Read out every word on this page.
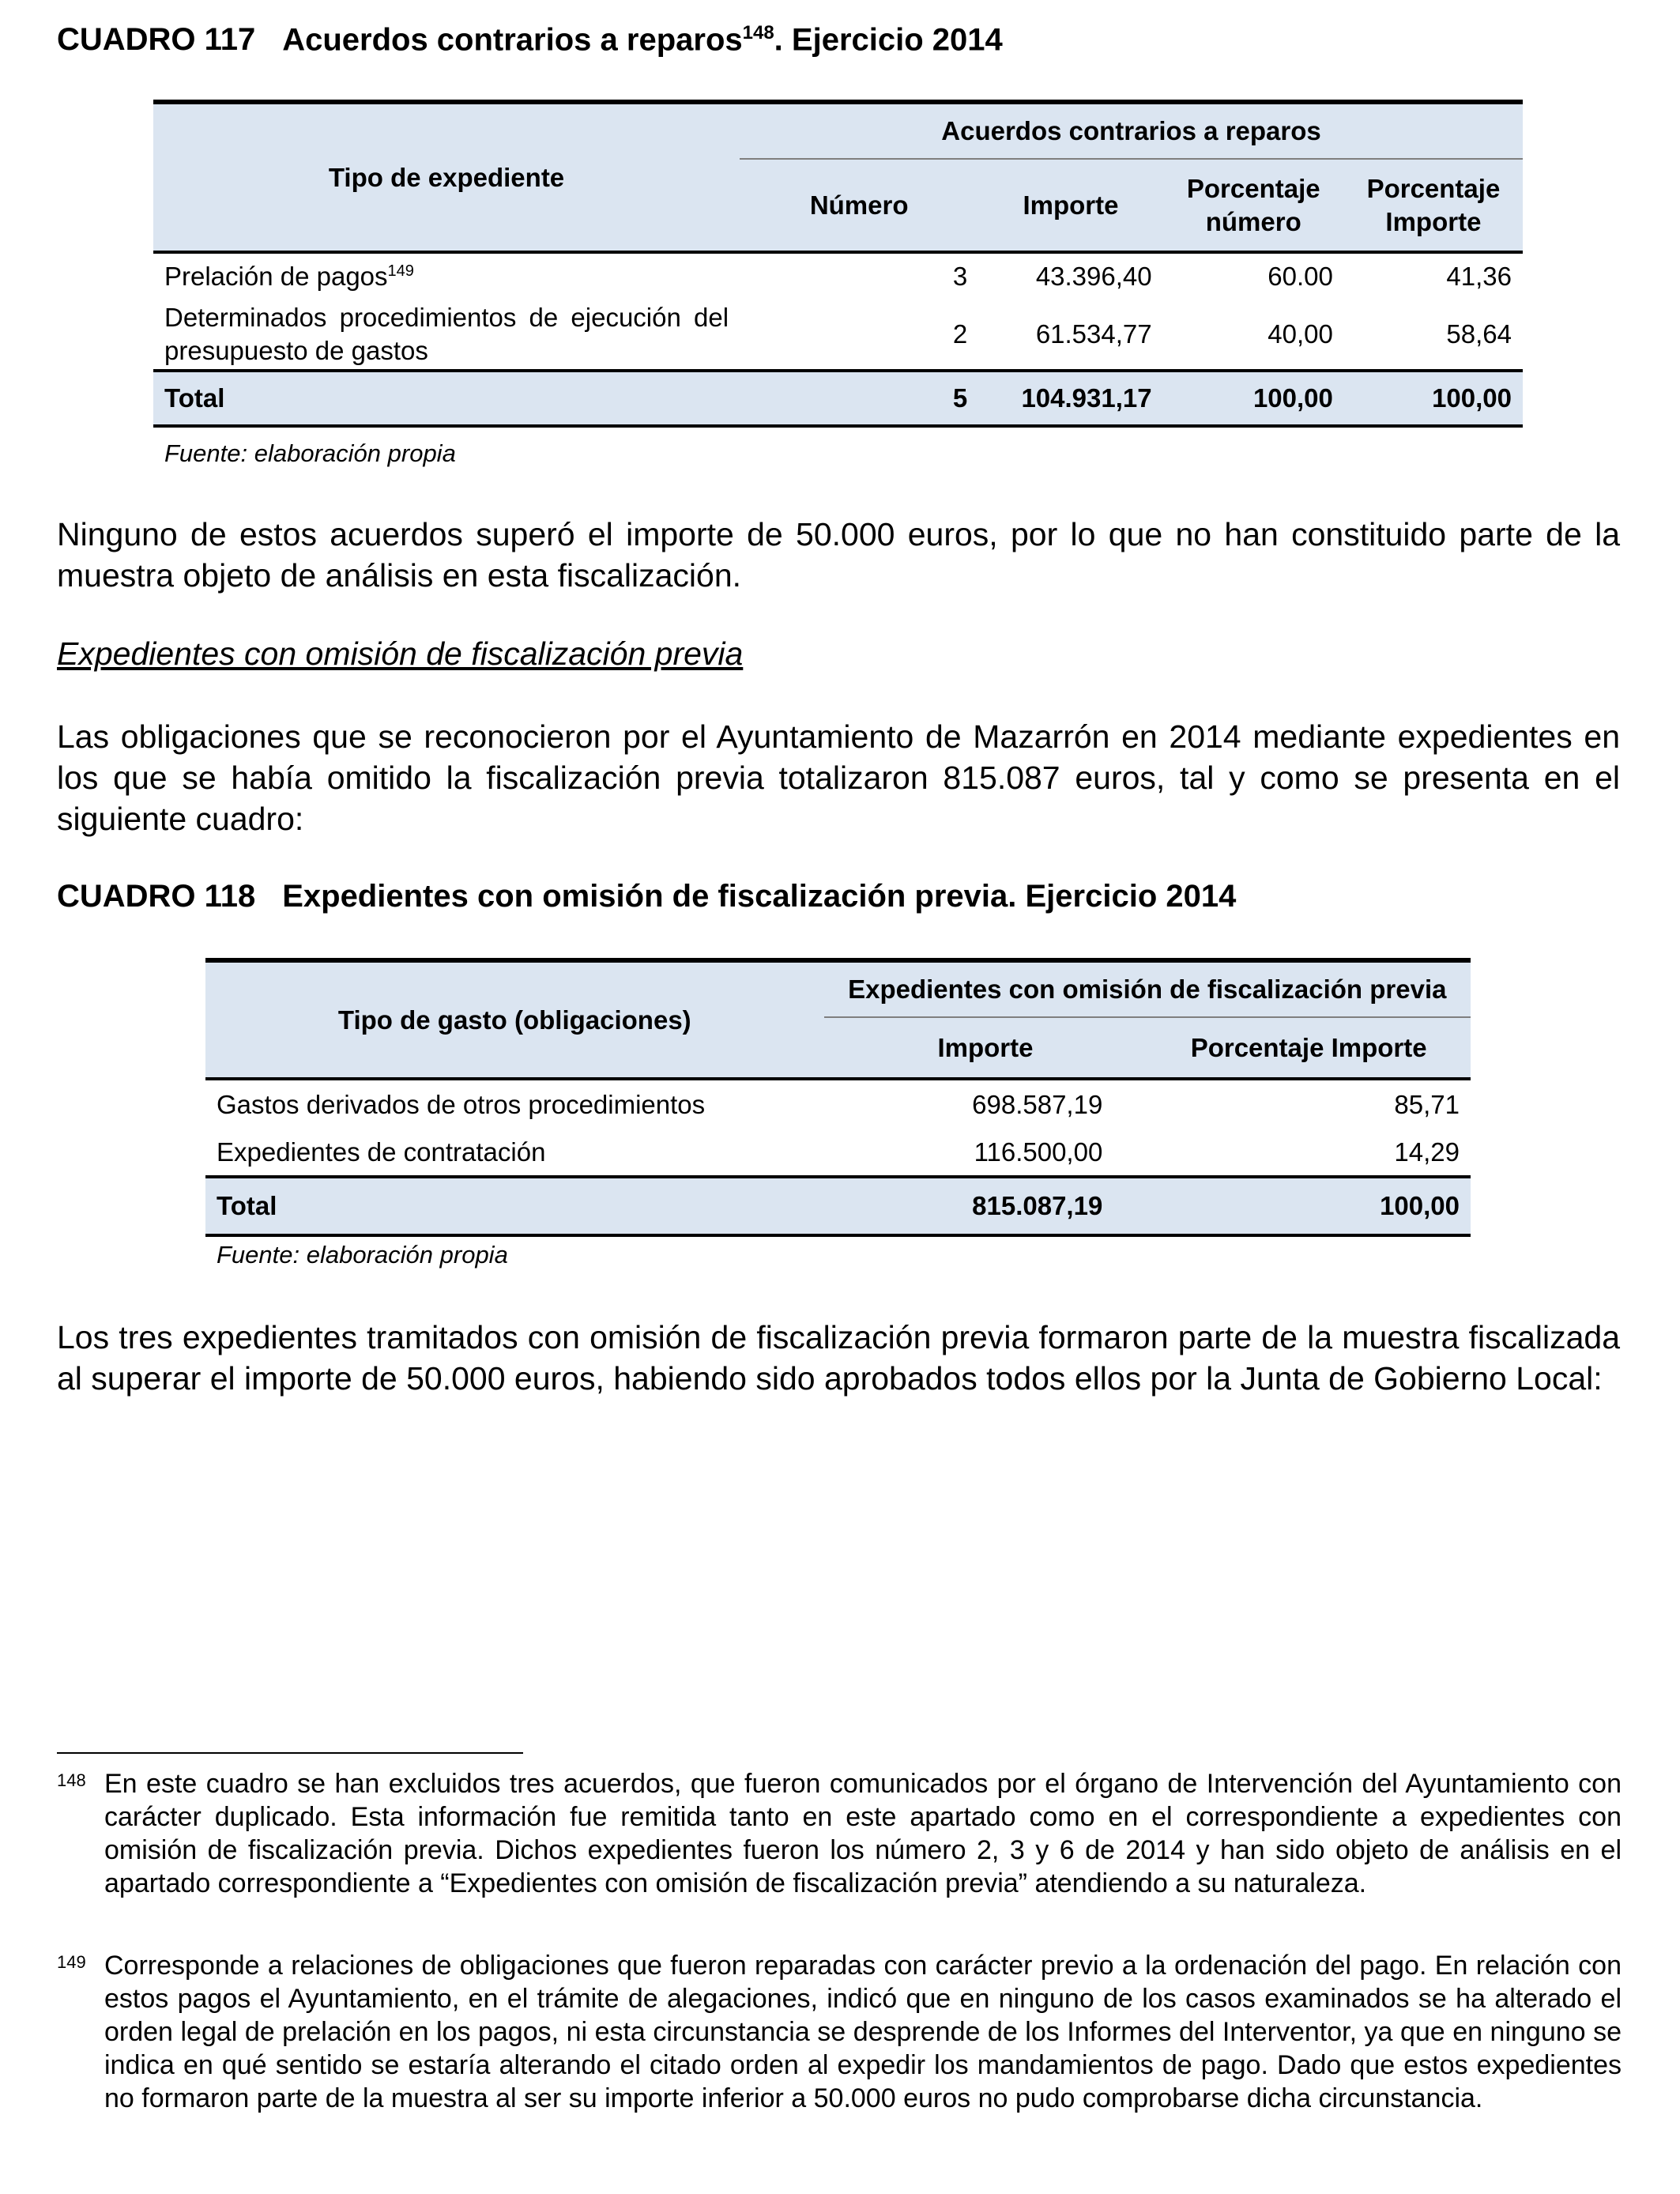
CUADRO 117 Acuerdos contrarios a reparos$^{148}$. Ejercicio 2014
Tipo de expediente	Acuerdos contrarios a reparos			
	Número	Importe	Porcentaje número	Porcentaje Importe
Prelación de pagos$^{149}$	3	43.396,40	60.00	41,36
Determinados procedimientos de ejecución del presupuesto de gastos	2	61.534,77	40,00	58,64
Total	5	104.931,17	100,00	100,00
Fuente: elaboración propia
Ninguno de estos acuerdos superó el importe de 50.000 euros, por lo que no han constituido parte de la muestra objeto de análisis en esta fiscalización.
Expedientes con omisión de fiscalización previa
Las obligaciones que se reconocieron por el Ayuntamiento de Mazarrón en 2014 mediante expedientes en los que se había omitido la fiscalización previa totalizaron 815.087 euros, tal y como se presenta en el siguiente cuadro:
CUADRO 118 Expedientes con omisión de fiscalización previa. Ejercicio 2014
Tipo de gasto (obligaciones)	Expedientes con omisión de fiscalización previa	
	Importe	Porcentaje Importe
Gastos derivados de otros procedimientos	698.587,19	85,71
Expedientes de contratación	116.500,00	14,29
Total	815.087,19	100,00
Fuente: elaboración propia
Los tres expedientes tramitados con omisión de fiscalización previa formaron parte de la muestra fiscalizada al superar el importe de 50.000 euros, habiendo sido aprobados todos ellos por la Junta de Gobierno Local:
148 En este cuadro se han excluidos tres acuerdos, que fueron comunicados por el órgano de Intervención del Ayuntamiento con carácter duplicado. Esta información fue remitida tanto en este apartado como en el correspondiente a expedientes con omisión de fiscalización previa. Dichos expedientes fueron los número 2, 3 y 6 de 2014 y han sido objeto de análisis en el apartado correspondiente a “Expedientes con omisión de fiscalización previa” atendiendo a su naturaleza.
149 Corresponde a relaciones de obligaciones que fueron reparadas con carácter previo a la ordenación del pago. En relación con estos pagos el Ayuntamiento, en el trámite de alegaciones, indicó que en ninguno de los casos examinados se ha alterado el orden legal de prelación en los pagos, ni esta circunstancia se desprende de los Informes del Interventor, ya que en ninguno se indica en qué sentido se estaría alterando el citado orden al expedir los mandamientos de pago. Dado que estos expedientes no formaron parte de la muestra al ser su importe inferior a 50.000 euros no pudo comprobarse dicha circunstancia.
